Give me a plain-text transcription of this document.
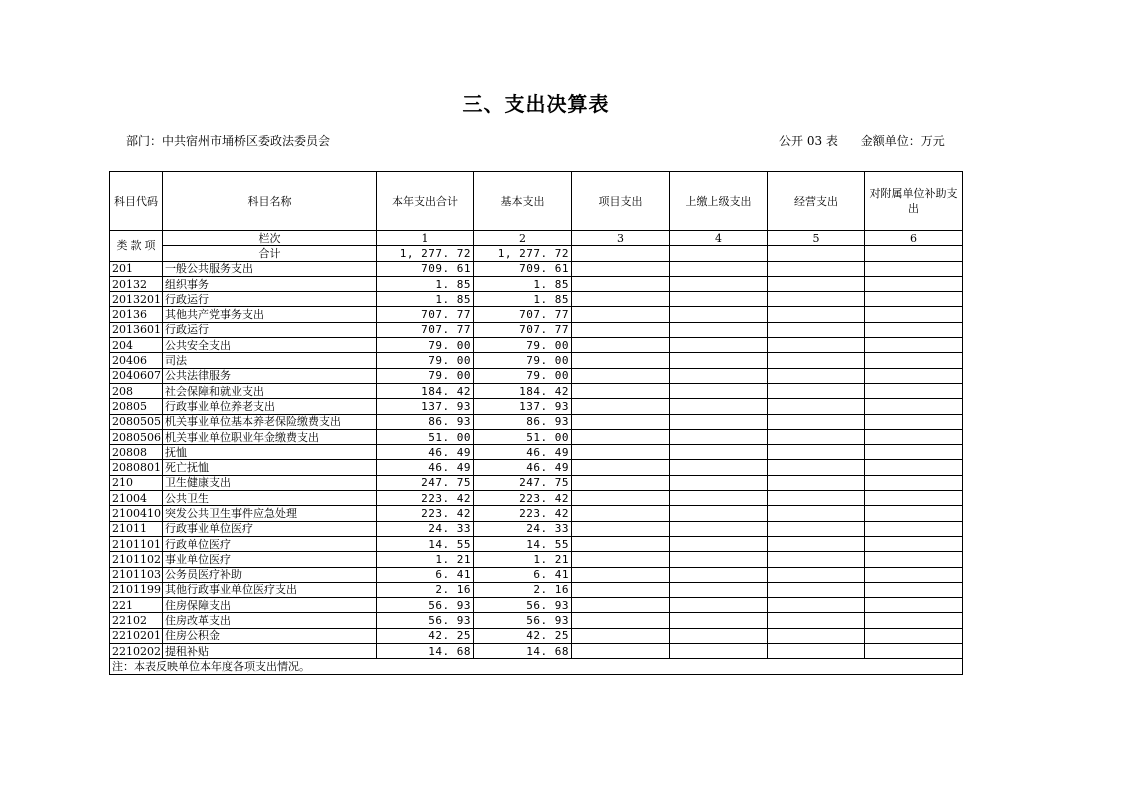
三、支出决算表
部门：中共宿州市埇桥区委政法委员会	公开 03 表 金额单位：万元
科目代码	科目名称	本年支出合计	基本支出	项目支出	上缴上级支出	经营支出	对附属单位补助支出
类 款 项	栏次	1	2	3	4	5	6
	合计	1, 277. 72	1, 277. 72				
201	一般公共服务支出	709. 61	709. 61				
20132	组织事务	1. 85	1. 85				
2013201	行政运行	1. 85	1. 85				
20136	其他共产党事务支出	707. 77	707. 77				
2013601	行政运行	707. 77	707. 77				
204	公共安全支出	79. 00	79. 00				
20406	司法	79. 00	79. 00				
2040607	公共法律服务	79. 00	79. 00				
208	社会保障和就业支出	184. 42	184. 42				
20805	行政事业单位养老支出	137. 93	137. 93				
2080505	机关事业单位基本养老保险缴费支出	86. 93	86. 93				
2080506	机关事业单位职业年金缴费支出	51. 00	51. 00				
20808	抚恤	46. 49	46. 49				
2080801	死亡抚恤	46. 49	46. 49				
210	卫生健康支出	247. 75	247. 75				
21004	公共卫生	223. 42	223. 42				
2100410	突发公共卫生事件应急处理	223. 42	223. 42				
21011	行政事业单位医疗	24. 33	24. 33				
2101101	行政单位医疗	14. 55	14. 55				
2101102	事业单位医疗	1. 21	1. 21				
2101103	公务员医疗补助	6. 41	6. 41				
2101199	其他行政事业单位医疗支出	2. 16	2. 16				
221	住房保障支出	56. 93	56. 93				
22102	住房改革支出	56. 93	56. 93				
2210201	住房公积金	42. 25	42. 25				
2210202	提租补贴	14. 68	14. 68				
注：本表反映单位本年度各项支出情况。							
